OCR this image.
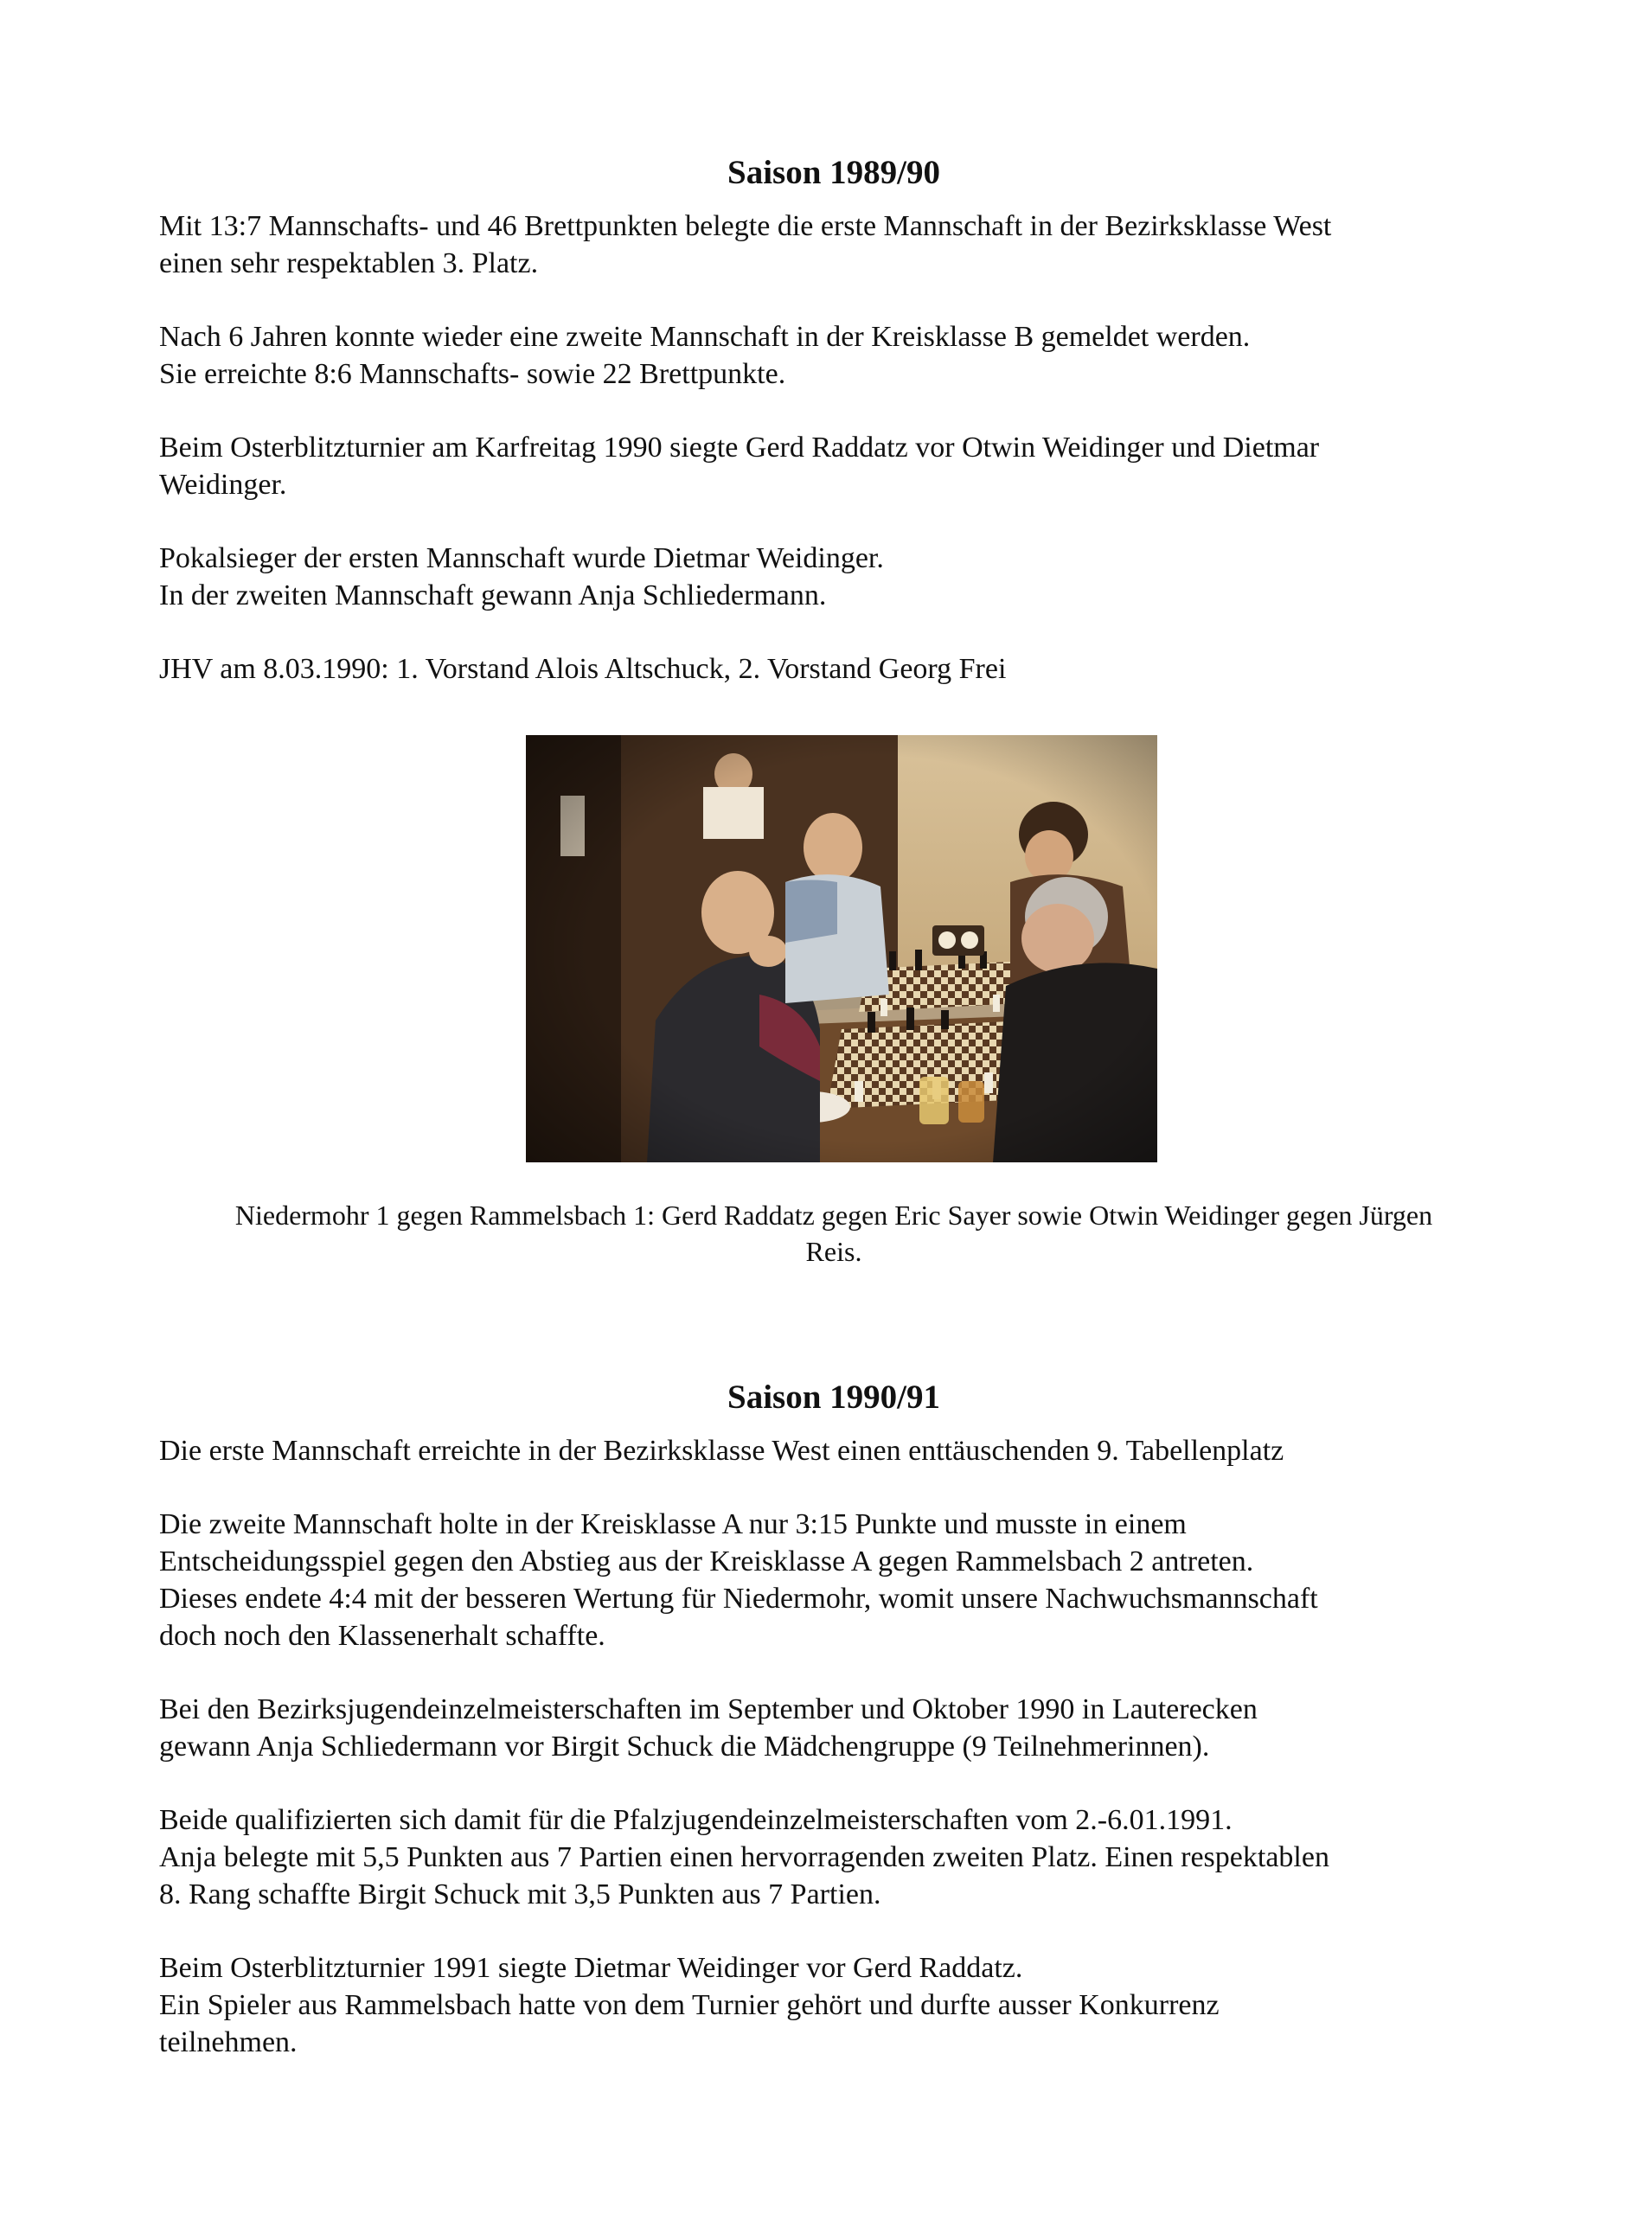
Saison 1989/90
Mit 13:7 Mannschafts- und 46 Brettpunkten belegte die erste Mannschaft in der Bezirksklasse West
einen sehr respektablen 3. Platz.
Nach 6 Jahren konnte wieder eine zweite Mannschaft in der Kreisklasse B gemeldet werden.
Sie erreichte 8:6 Mannschafts- sowie 22 Brettpunkte.
Beim Osterblitzturnier am Karfreitag 1990 siegte Gerd Raddatz vor Otwin Weidinger und Dietmar
Weidinger.
Pokalsieger der ersten Mannschaft wurde Dietmar Weidinger.
In der zweiten Mannschaft gewann Anja Schliedermann.
JHV am 8.03.1990: 1. Vorstand Alois Altschuck, 2. Vorstand Georg Frei
Niedermohr 1 gegen Rammelsbach 1: Gerd Raddatz gegen Eric Sayer sowie Otwin Weidinger gegen Jürgen
Reis.
Saison 1990/91
Die erste Mannschaft erreichte in der Bezirksklasse West einen enttäuschenden 9. Tabellenplatz
Die zweite Mannschaft holte in der Kreisklasse A nur 3:15 Punkte und musste in einem
Entscheidungsspiel gegen den Abstieg aus der Kreisklasse A gegen Rammelsbach 2 antreten.
Dieses endete 4:4 mit der besseren Wertung für Niedermohr, womit unsere Nachwuchsmannschaft
doch noch den Klassenerhalt schaffte.
Bei den Bezirksjugendeinzelmeisterschaften im September und Oktober 1990 in Lauterecken
gewann Anja Schliedermann vor Birgit Schuck die Mädchengruppe (9 Teilnehmerinnen).
Beide qualifizierten sich damit für die Pfalzjugendeinzelmeisterschaften vom 2.-6.01.1991.
Anja belegte mit 5,5 Punkten aus 7 Partien einen hervorragenden zweiten Platz. Einen respektablen
8. Rang schaffte Birgit Schuck mit 3,5 Punkten aus 7 Partien.
Beim Osterblitzturnier 1991 siegte Dietmar Weidinger vor Gerd Raddatz.
Ein Spieler aus Rammelsbach hatte von dem Turnier gehört und durfte ausser Konkurrenz
teilnehmen.
